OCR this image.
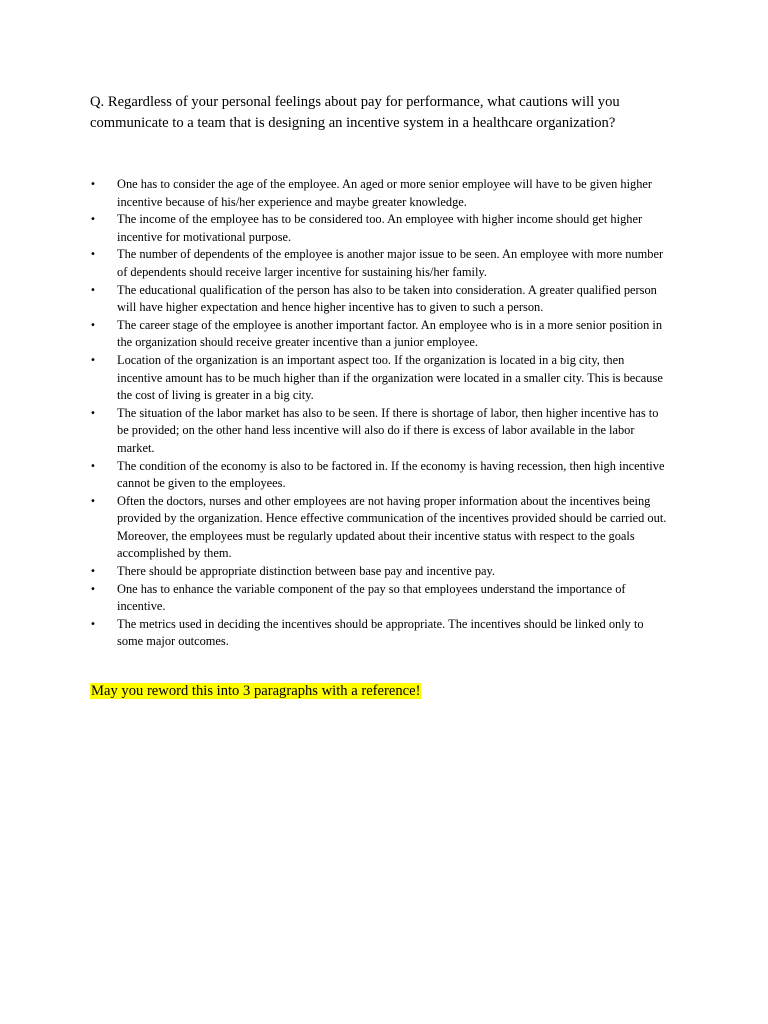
Q. Regardless of your personal feelings about pay for performance, what cautions will you communicate to a team that is designing an incentive system in a healthcare organization?

• One has to consider the age of the employee. An aged or more senior employee will have to be given higher incentive because of his/her experience and maybe greater knowledge.
• The income of the employee has to be considered too. An employee with higher income should get higher incentive for motivational purpose.
• The number of dependents of the employee is another major issue to be seen. An employee with more number of dependents should receive larger incentive for sustaining his/her family.
• The educational qualification of the person has also to be taken into consideration. A greater qualified person will have higher expectation and hence higher incentive has to given to such a person.
• The career stage of the employee is another important factor. An employee who is in a more senior position in the organization should receive greater incentive than a junior employee.
• Location of the organization is an important aspect too. If the organization is located in a big city, then incentive amount has to be much higher than if the organization were located in a smaller city. This is because the cost of living is greater in a big city.
• The situation of the labor market has also to be seen. If there is shortage of labor, then higher incentive has to be provided; on the other hand less incentive will also do if there is excess of labor available in the labor market.
• The condition of the economy is also to be factored in. If the economy is having recession, then high incentive cannot be given to the employees.
• Often the doctors, nurses and other employees are not having proper information about the incentives being provided by the organization. Hence effective communication of the incentives provided should be carried out. Moreover, the employees must be regularly updated about their incentive status with respect to the goals accomplished by them.
• There should be appropriate distinction between base pay and incentive pay.
• One has to enhance the variable component of the pay so that employees understand the importance of incentive.
• The metrics used in deciding the incentives should be appropriate. The incentives should be linked only to some major outcomes.
May you reword this into 3 paragraphs with a reference!
